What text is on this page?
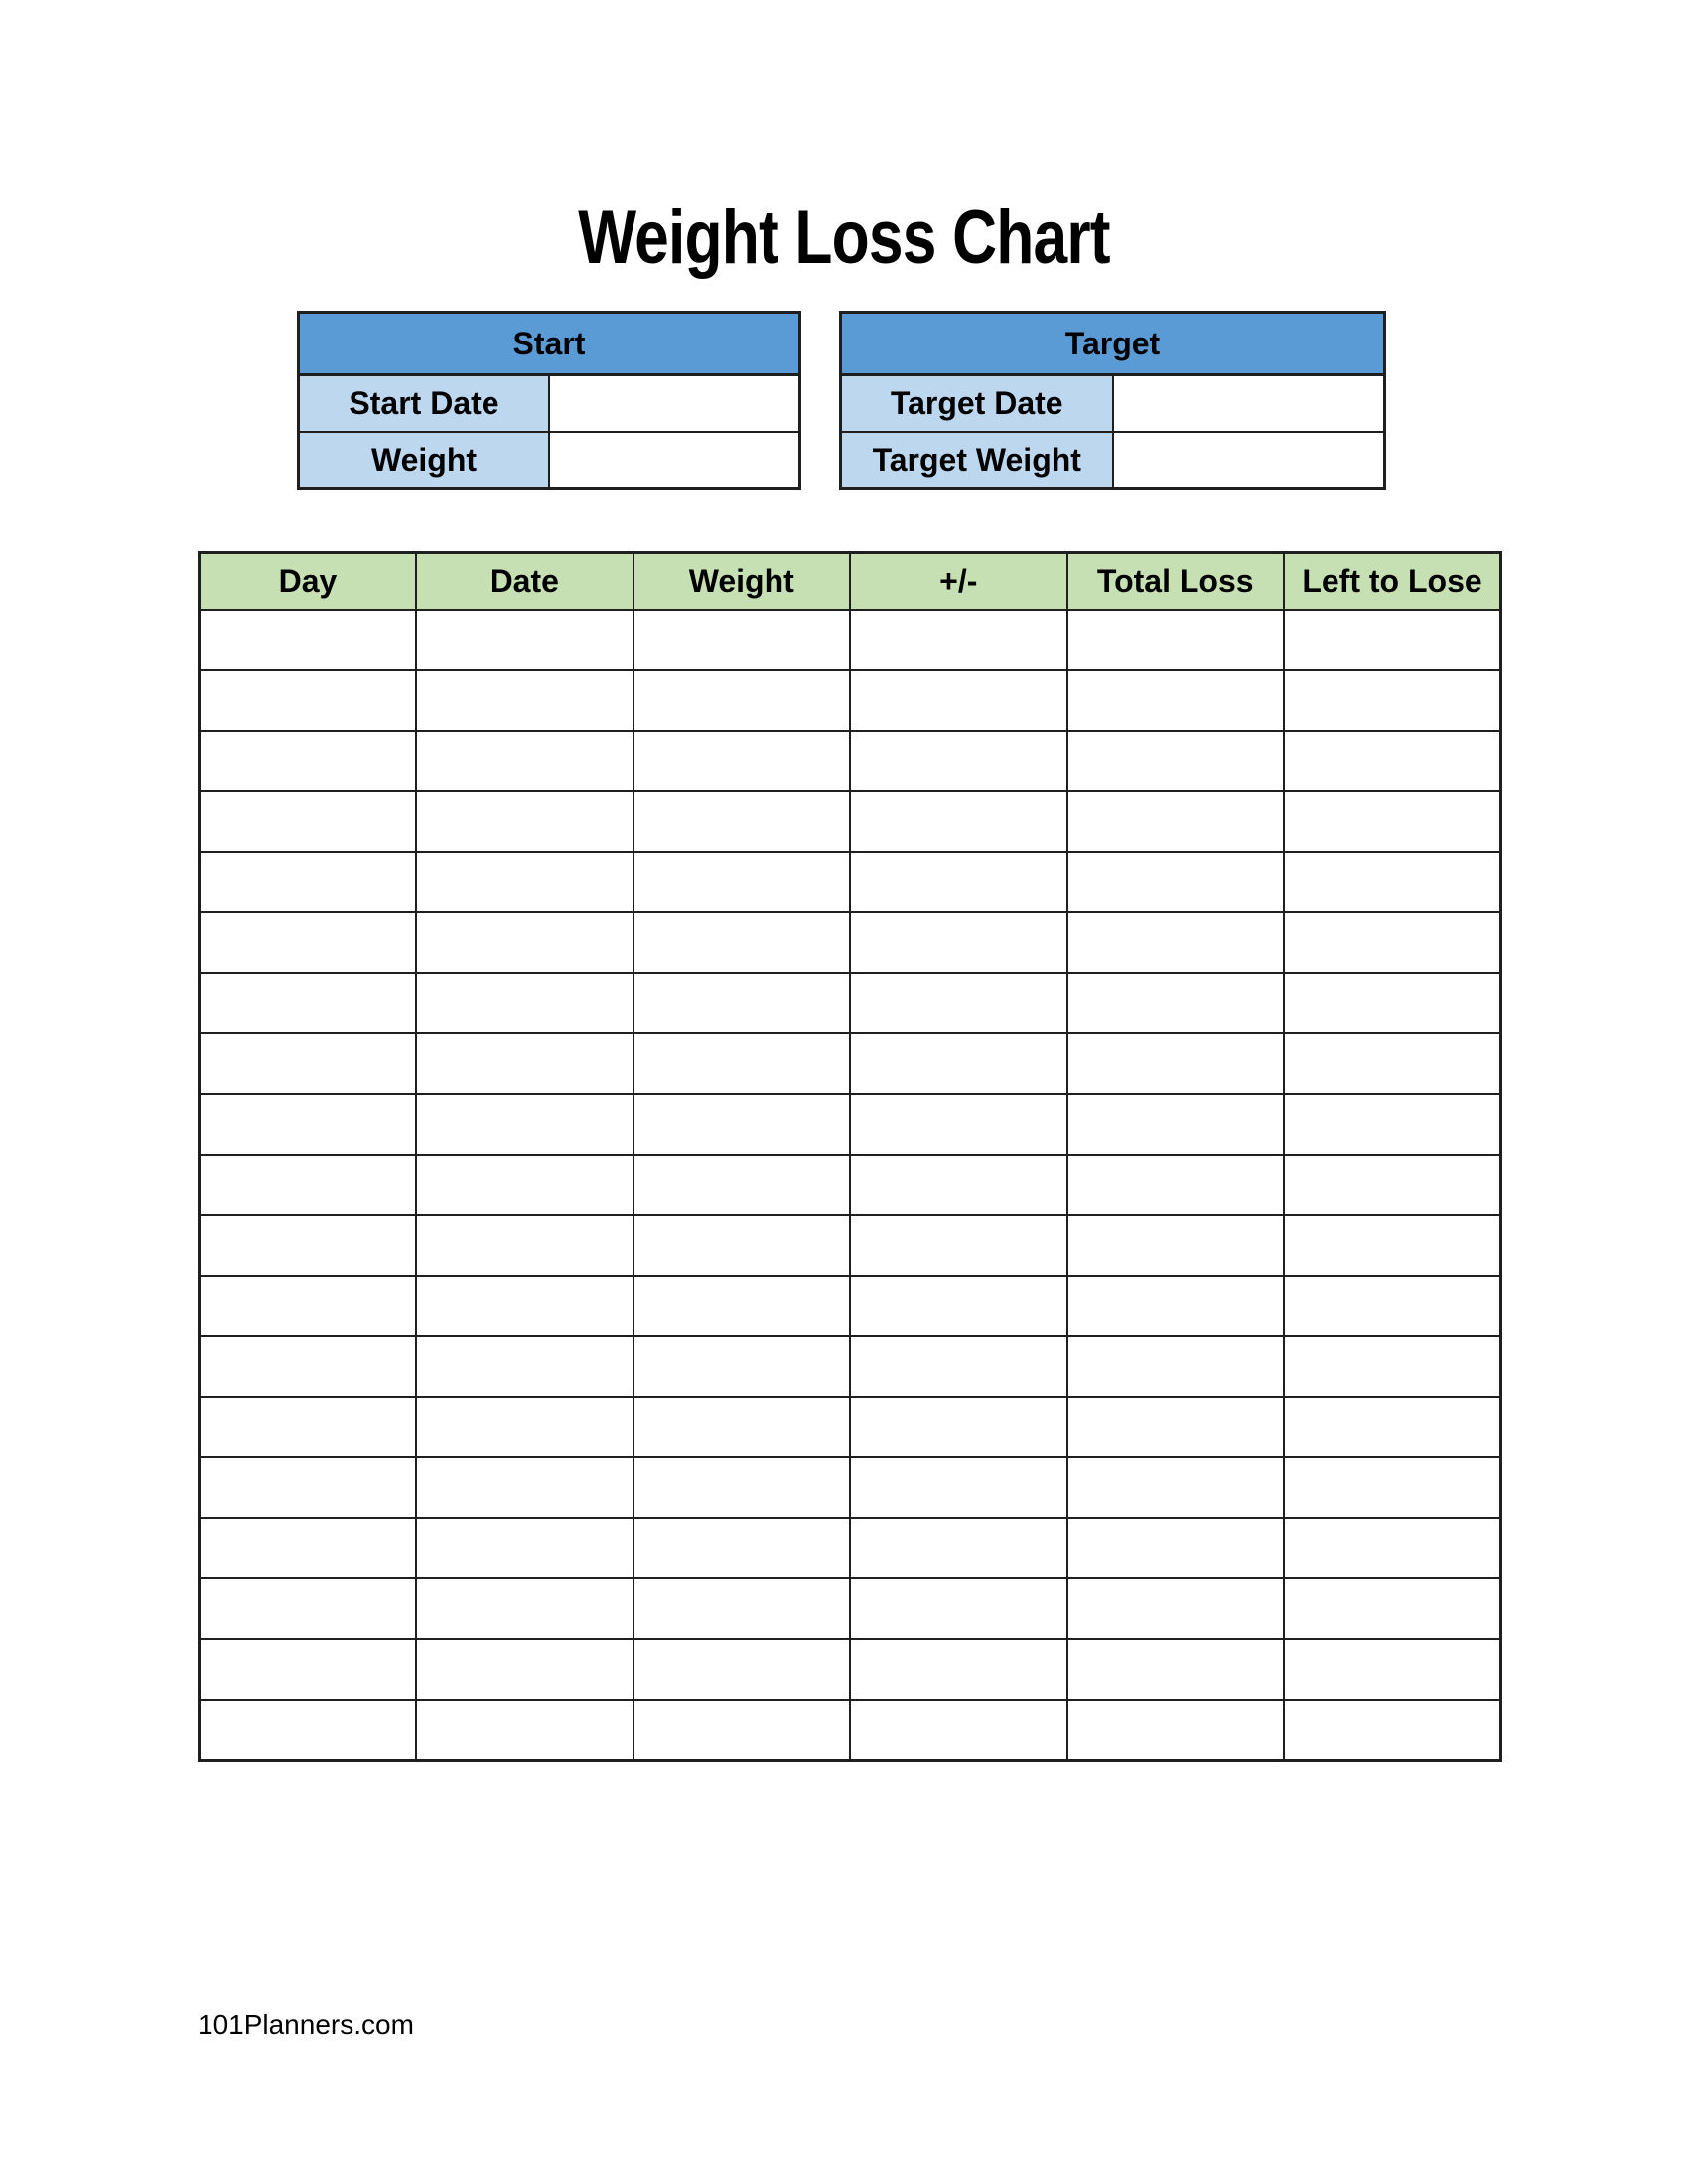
Weight Loss Chart
Start	
Start Date	
Weight	
Target	
Target Date	
Target Weight	
Day	Date	Weight	+/-	Total Loss	Left to Lose

101Planners.com
